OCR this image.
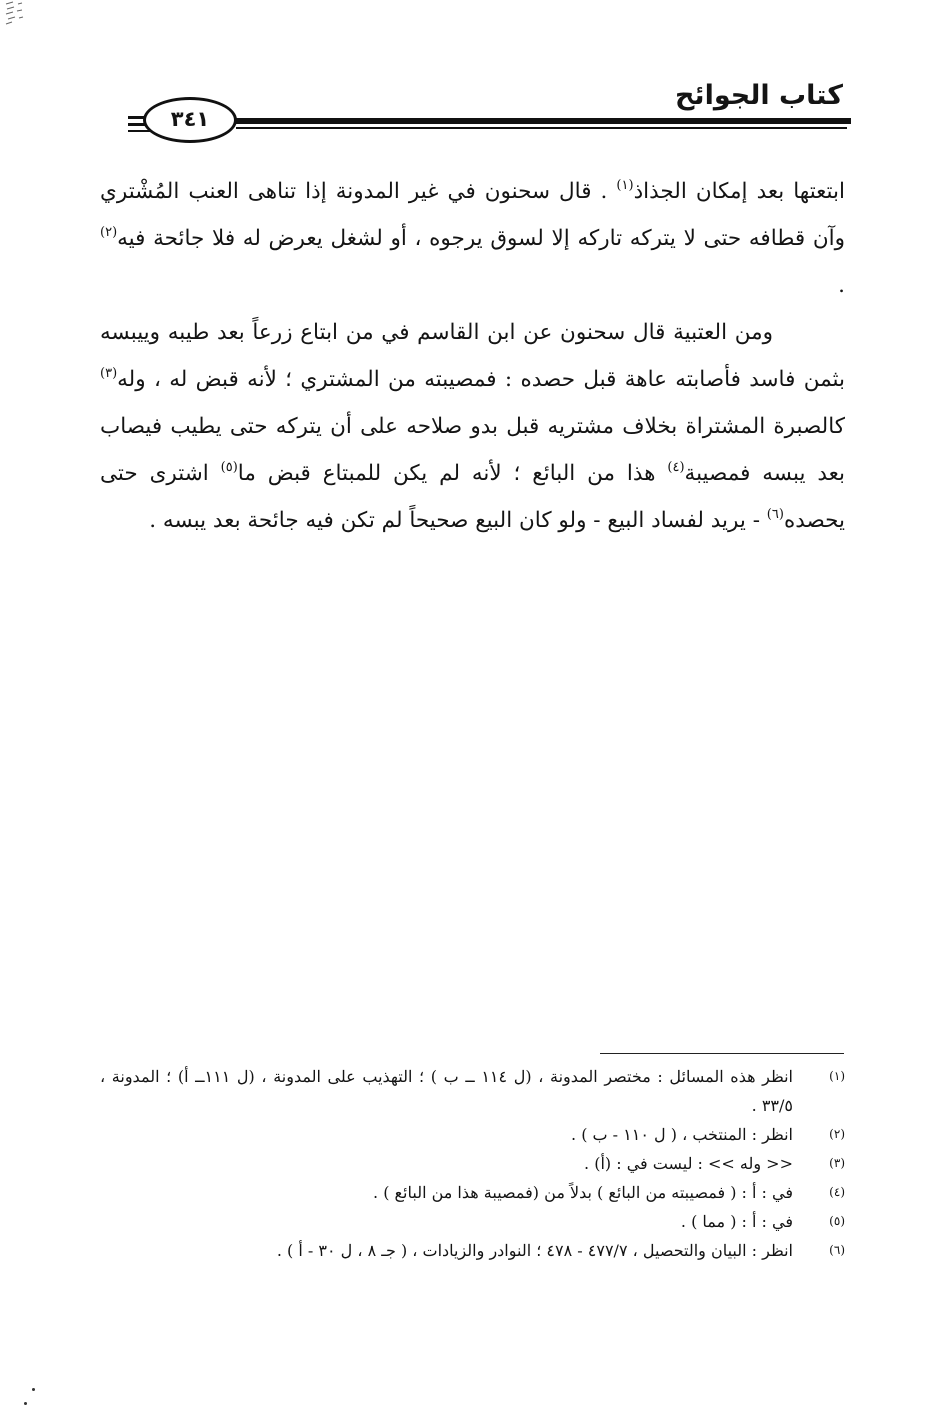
٣٤١
كتاب الجوائح

ابتعتها بعد إمكان الجذاذ$^{(١)}$ . قال سحنون في غير المدونة إذا تناهى العنب المُشْتري وآن قطافه حتى لا يتركه تاركه إلا لسوق يرجوه ، أو لشغل يعرض له فلا جائحة فيه$^{(٢)}$ .

ومن العتبية قال سحنون عن ابن القاسم في من ابتاع زرعاً بعد طيبه وييبسه بثمن فاسد فأصابته عاهة قبل حصده : فمصيبته من المشتري ؛ لأنه قبض له ، وله$^{(٣)}$ كالصبرة المشتراة بخلاف مشتريه قبل بدو صلاحه على أن يتركه حتى يطيب فيصاب بعد يبسه فمصيبة$^{(٤)}$ هذا من البائع ؛ لأنه لم يكن للمبتاع قبض ما$^{(٥)}$ اشترى حتى يحصده$^{(٦)}$ - يريد لفساد البيع - ولو كان البيع صحيحاً لم تكن فيه جائحة بعد يبسه .

(١)
انظر هذه المسائل : مختصر المدونة ، (ل ١١٤ ــ ب ) ؛ التهذيب على المدونة ، (ل ١١١ــ أ) ؛ المدونة ، ٣٣/٥ .
(٢)
انظر : المنتخب ، ( ل ١١٠ - ب ) .
(٣)
<< وله >> : ليست في : (أ) .
(٤)
في : أ : ( فمصيبته من البائع ) بدلاً من (فمصيبة هذا من البائع ) .
(٥)
في : أ : ( مما ) .
(٦)
انظر : البيان والتحصيل ، ٤٧٧/٧ - ٤٧٨ ؛ النوادر والزيادات ، ( جـ ٨ ، ل ٣٠ - أ ) .
